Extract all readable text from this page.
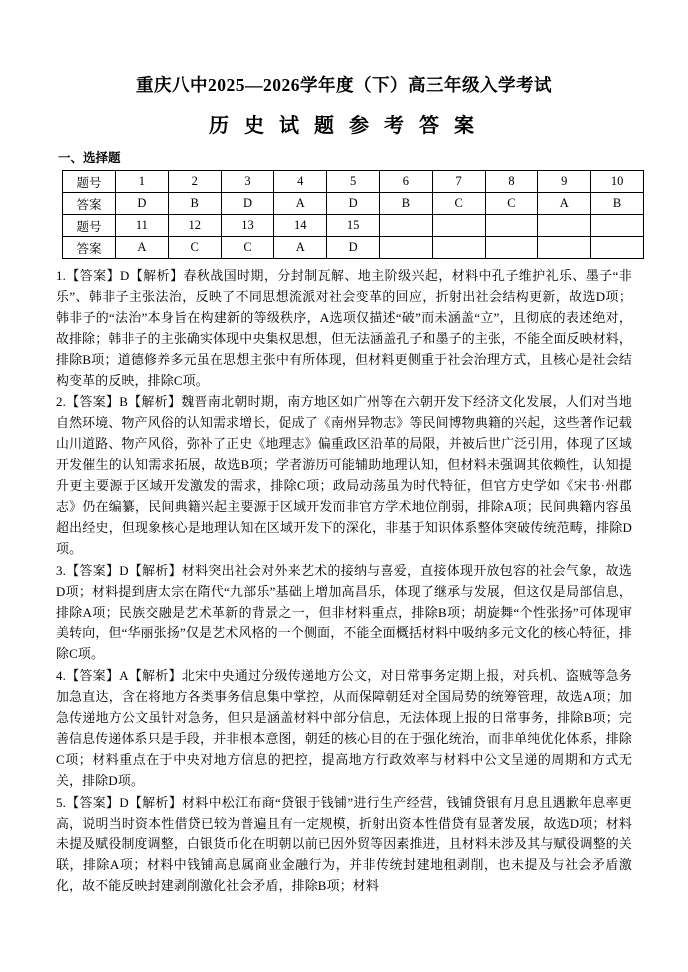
重庆八中2025—2026学年度（下）高三年级入学考试
历 史 试 题 参 考 答 案
一、选择题
题号	1	2	3	4	5	6	7	8	9	10
答案	D	B	D	A	D	B	C	C	A	B
题号	11	12	13	14	15					
答案	A	C	C	A	D					

1.【答案】D【解析】春秋战国时期，分封制瓦解、地主阶级兴起，材料中孔子维护礼乐、墨子“非乐”、韩非子主张法治，反映了不同思想流派对社会变革的回应，折射出社会结构更新，故选D项；韩非子的“法治”本身旨在构建新的等级秩序，A选项仅描述“破”而未涵盖“立”，且彻底的表述绝对，故排除；韩非子的主张确实体现中央集权思想，但无法涵盖孔子和墨子的主张，不能全面反映材料，排除B项；道德修养多元虽在思想主张中有所体现，但材料更侧重于社会治理方式，且核心是社会结构变革的反映，排除C项。

2.【答案】B【解析】魏晋南北朝时期，南方地区如广州等在六朝开发下经济文化发展，人们对当地自然环境、物产风俗的认知需求增长，促成了《南州异物志》等民间博物典籍的兴起，这些著作记载山川道路、物产风俗，弥补了正史《地理志》偏重政区沿革的局限，并被后世广泛引用，体现了区域开发催生的认知需求拓展，故选B项；学者游历可能辅助地理认知，但材料未强调其依赖性，认知提升更主要源于区域开发激发的需求，排除C项；政局动荡虽为时代特征，但官方史学如《宋书·州郡志》仍在编纂，民间典籍兴起主要源于区域开发而非官方学术地位削弱，排除A项；民间典籍内容虽超出经史，但现象核心是地理认知在区域开发下的深化，非基于知识体系整体突破传统范畴，排除D项。

3.【答案】D【解析】材料突出社会对外来艺术的接纳与喜爱，直接体现开放包容的社会气象，故选D项；材料提到唐太宗在隋代“九部乐”基础上增加高昌乐，体现了继承与发展，但这仅是局部信息，排除A项；民族交融是艺术革新的背景之一，但非材料重点，排除B项；胡旋舞“个性张扬”可体现审美转向，但“华丽张扬”仅是艺术风格的一个侧面，不能全面概括材料中吸纳多元文化的核心特征，排除C项。

4.【答案】A【解析】北宋中央通过分级传递地方公文，对日常事务定期上报，对兵机、盗贼等急务加急直达，含在将地方各类事务信息集中掌控，从而保障朝廷对全国局势的统筹管理，故选A项；加急传递地方公文虽针对急务，但只是涵盖材料中部分信息，无法体现上报的日常事务，排除B项；完善信息传递体系只是手段，并非根本意图，朝廷的核心目的在于强化统治，而非单纯优化体系，排除C项；材料重点在于中央对地方信息的把控，提高地方行政效率与材料中公文呈递的周期和方式无关，排除D项。

5.【答案】D【解析】材料中松江布商“贷银于钱铺”进行生产经营，钱铺贷银有月息且遇歉年息率更高，说明当时资本性借贷已较为普遍且有一定规模，折射出资本性借贷有显著发展，故选D项；材料未提及赋役制度调整，白银货币化在明朝以前已因外贸等因素推进，且材料未涉及其与赋役调整的关联，排除A项；材料中钱铺高息属商业金融行为，并非传统封建地租剥削，也未提及与社会矛盾激化，故不能反映封建剥削激化社会矛盾，排除B项；材料
